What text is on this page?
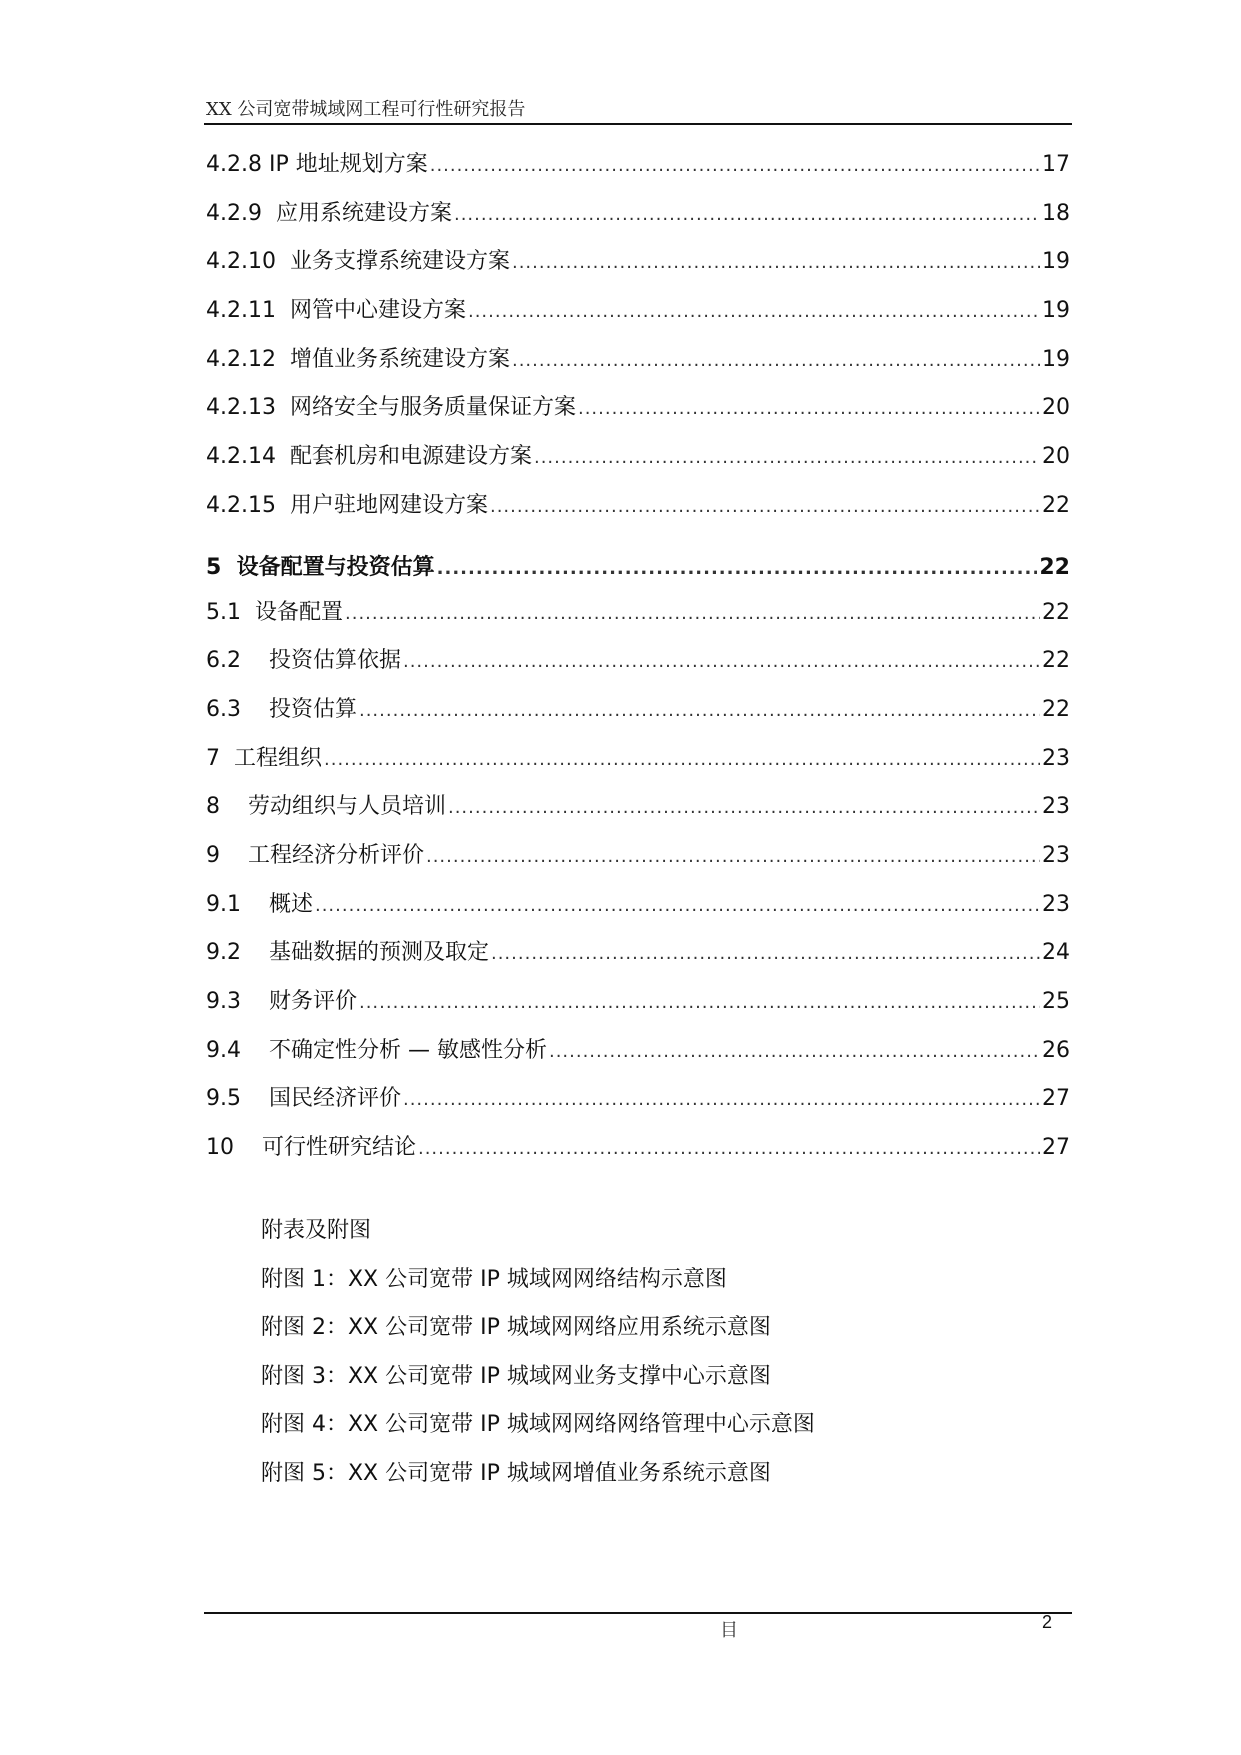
XX 公司宽带城域网工程可行性研究报告
4.2.8 IP 地址规划方案 .....	17
4.2.9 应用系统建设方案 .....	18
4.2.10 业务支撑系统建设方案 .....	19
4.2.11 网管中心建设方案 .....	19
4.2.12 增值业务系统建设方案 .....	19
4.2.13 网络安全与服务质量保证方案 .....	20
4.2.14 配套机房和电源建设方案 .....	20
4.2.15 用户驻地网建设方案 .....	22
5 设备配置与投资估算 .....	22
5.1 设备配置 .....	22
6.2 投资估算依据 .....	22
6.3 投资估算 .....	22
7 工程组织 .....	23
8 劳动组织与人员培训 .....	23
9 工程经济分析评价 .....	23
9.1 概述 .....	23
9.2 基础数据的预测及取定 .....	24
9.3 财务评价 .....	25
9.4 不确定性分析 — 敏感性分析 .....	26
9.5 国民经济评价 .....	27
10 可行性研究结论 .....	27
附表及附图
附图 1：XX 公司宽带 IP 城域网网络结构示意图
附图 2：XX 公司宽带 IP 城域网网络应用系统示意图
附图 3：XX 公司宽带 IP 城域网业务支撑中心示意图
附图 4：XX 公司宽带 IP 城域网网络网络管理中心示意图
附图 5：XX 公司宽带 IP 城域网增值业务系统示意图
目	2
